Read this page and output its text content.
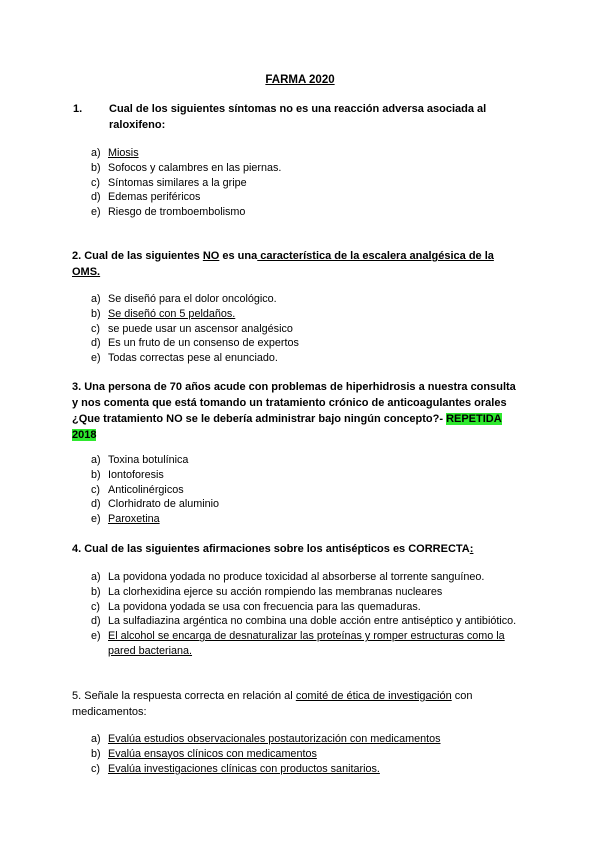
FARMA 2020
1. Cual de los siguientes síntomas no es una reacción adversa asociada al raloxifeno:
a) Miosis
b) Sofocos y calambres en las piernas.
c) Síntomas similares a la gripe
d) Edemas periféricos
e) Riesgo de tromboembolismo
2. Cual de las siguientes NO es una característica de la escalera analgésica de la OMS.
a) Se diseñó para el dolor oncológico.
b) Se diseñó con 5 peldaños.
c) se puede usar un ascensor analgésico
d) Es un fruto de un consenso de expertos
e) Todas correctas pese al enunciado.
3. Una persona de 70 años acude con problemas de hiperhidrosis a nuestra consulta y nos comenta que está tomando un tratamiento crónico de anticoagulantes orales ¿Que tratamiento NO se le debería administrar bajo ningún concepto?- REPETIDA 2018
a) Toxina botulínica
b) Iontoforesis
c) Anticolinérgicos
d) Clorhidrato de aluminio
e) Paroxetina
4. Cual de las siguientes afirmaciones sobre los antisépticos es CORRECTA:
a) La povidona yodada no produce toxicidad al absorberse al torrente sanguíneo.
b) La clorhexidina ejerce su acción rompiendo las membranas nucleares
c) La povidona yodada se usa con frecuencia para las quemaduras.
d) La sulfadiazina argéntica no combina una doble acción entre antiséptico y antibiótico.
e) El alcohol se encarga de desnaturalizar las proteínas y romper estructuras como la pared bacteriana.
5. Señale la respuesta correcta en relación al comité de ética de investigación con medicamentos:
a) Evalúa estudios observacionales postautorización con medicamentos
b) Evalúa ensayos clínicos con medicamentos
c) Evalúa investigaciones clínicas con productos sanitarios.
